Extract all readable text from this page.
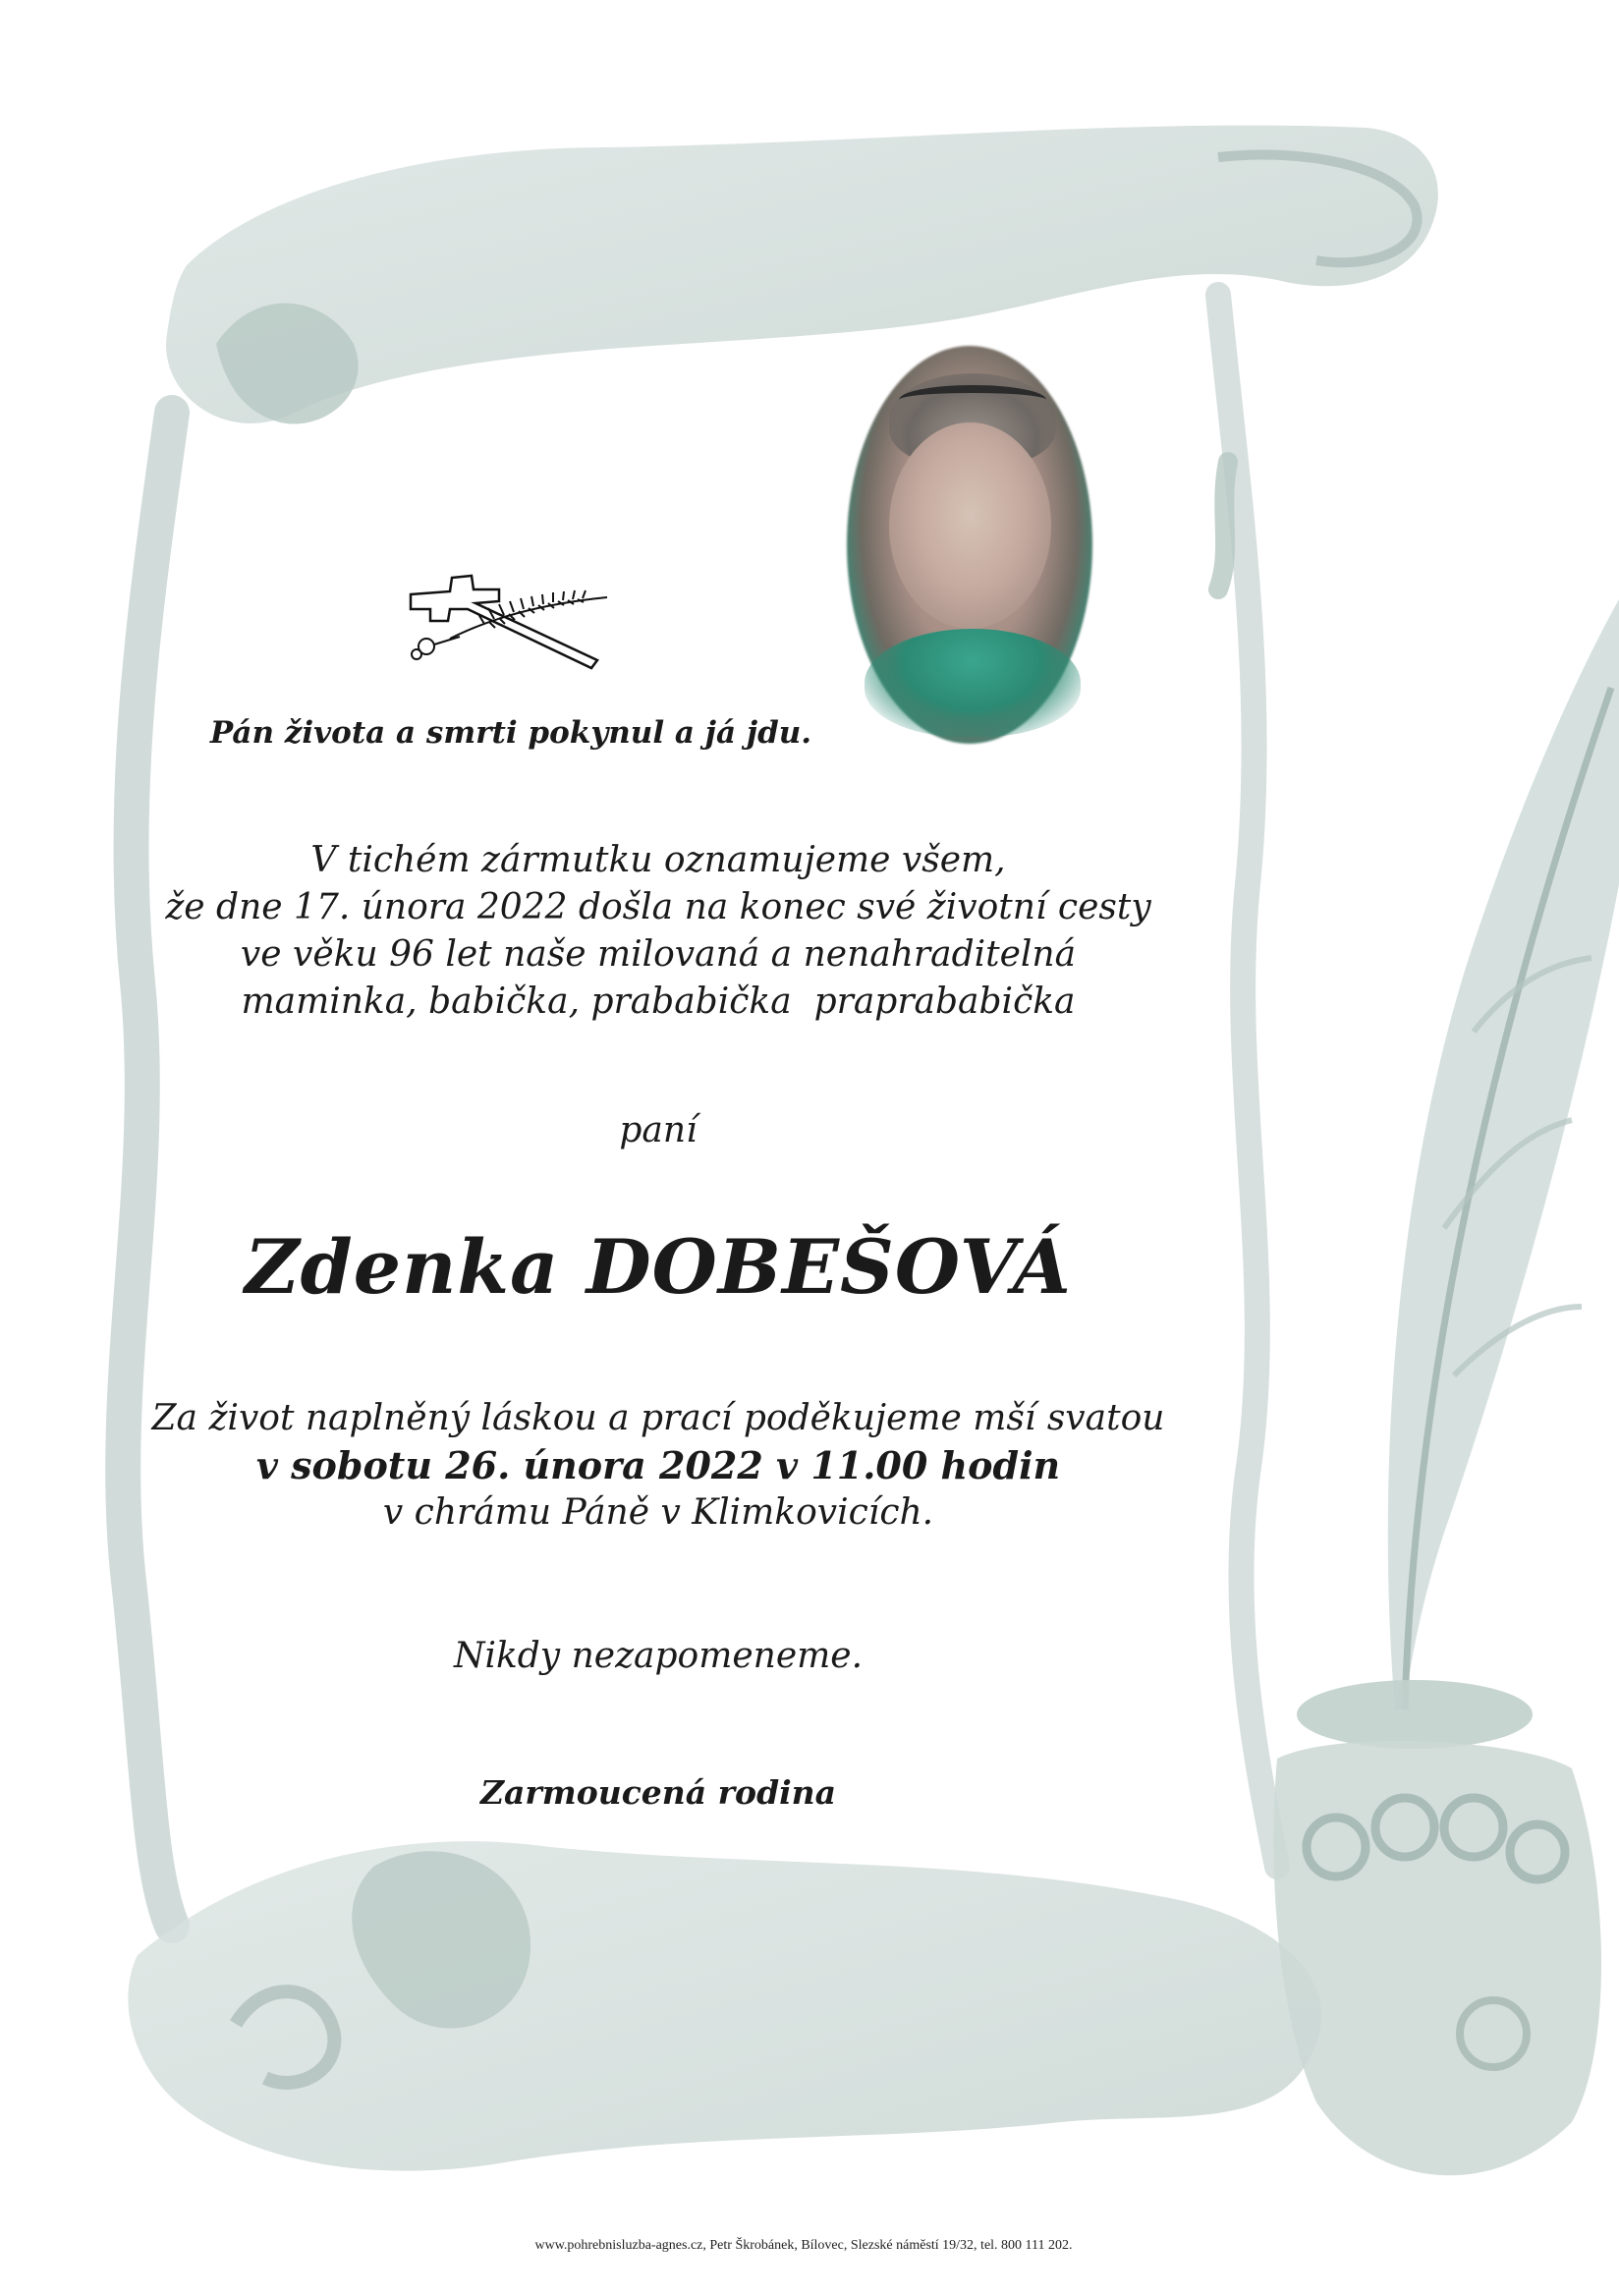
Pán života a smrti pokynul a já jdu.
V tichém zármutku oznamujeme všem,
že dne 17. února 2022 došla na konec své životní cesty
ve věku 96 let naše milovaná a nenahraditelná
maminka, babička, prababička  praprababička
paní
Zdenka DOBEŠOVÁ
Za život naplněný láskou a prací poděkujeme mší svatou
v sobotu 26. února 2022 v 11.00 hodin
v chrámu Páně v Klimkovicích.
Nikdy nezapomeneme.
Zarmoucená rodina
www.pohrebnisluzba-agnes.cz, Petr Škrobánek, Bílovec, Slezské náměstí 19/32, tel. 800 111 202.
